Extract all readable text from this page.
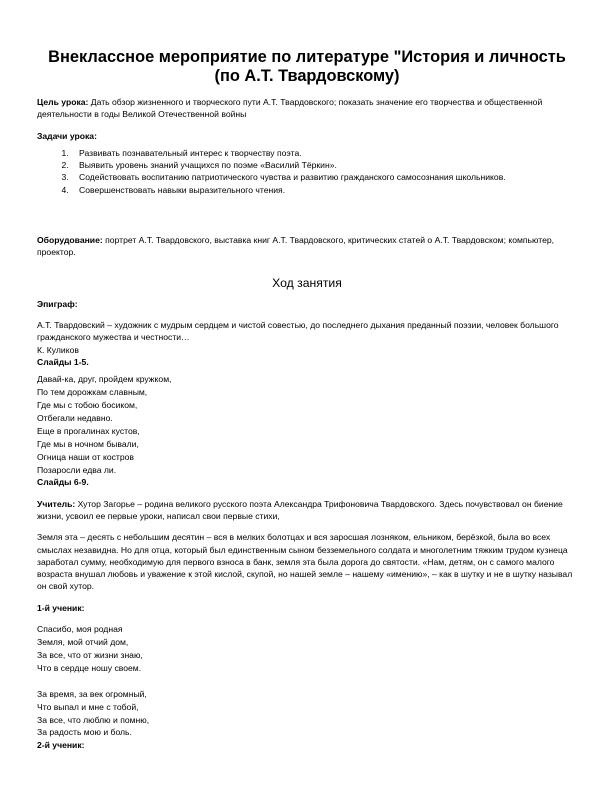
Внеклассное мероприятие по литературе "История и личность (по А.Т. Твардовскому)

Цель урока: Дать обзор жизненного и творческого пути А.Т. Твардовского; показать значение его творчества и общественной деятельности в годы Великой Отечественной войны

Задачи урока:

1. Развивать познавательный интерес к творчеству поэта.
2. Выявить уровень знаний учащихся по поэме «Василий Тёркин».
3. Содействовать воспитанию патриотического чувства и развитию гражданского самосознания школьников.
4. Совершенствовать навыки выразительного чтения.

Оборудование: портрет А.Т. Твардовского, выставка книг А.Т. Твардовского, критических статей о А.Т. Твардовском; компьютер, проектор.

Ход занятия

Эпиграф:

А.Т. Твардовский – художник с мудрым сердцем и чистой совестью, до последнего дыхания преданный поэзии, человек большого гражданского мужества и честности…

К. Куликов

Слайды 1-5.

Давай-ка, друг, пройдем кружком,

По тем дорожкам славным,

Где мы с тобою босиком,

Отбегали недавно.

Еще в прогалинах кустов,

Где мы в ночном бывали,

Огница наши от костров

Позаросли едва ли.

Слайды 6-9.

Учитель: Хутор Загорье – родина великого русского поэта Александра Трифоновича Твардовского. Здесь почувствовал он биение жизни, усвоил ее первые уроки, написал свои первые стихи,

Земля эта – десять с небольшим десятин – вся в мелких болотцах и вся заросшая лозняком, ельником, берёзкой, была во всех смыслах незавидна. Но для отца, который был единственным сыном безземельного солдата и многолетним тяжким трудом кузнеца заработал сумму, необходимую для первого взноса в банк, земля эта была дорога до святости. «Нам, детям, он с самого малого возраста внушал любовь и уважение к этой кислой, скупой, но нашей земле – нашему «имению», – как в шутку и не в шутку называл он свой хутор.

1-й ученик:

Спасибо, моя родная

Земля, мой отчий дом,

За все, что от жизни знаю,

Что в сердце ношу своем.

За время, за век огромный,

Что выпал и мне с тобой,

За все, что люблю и помню,

За радость мою и боль.

2-й ученик:
